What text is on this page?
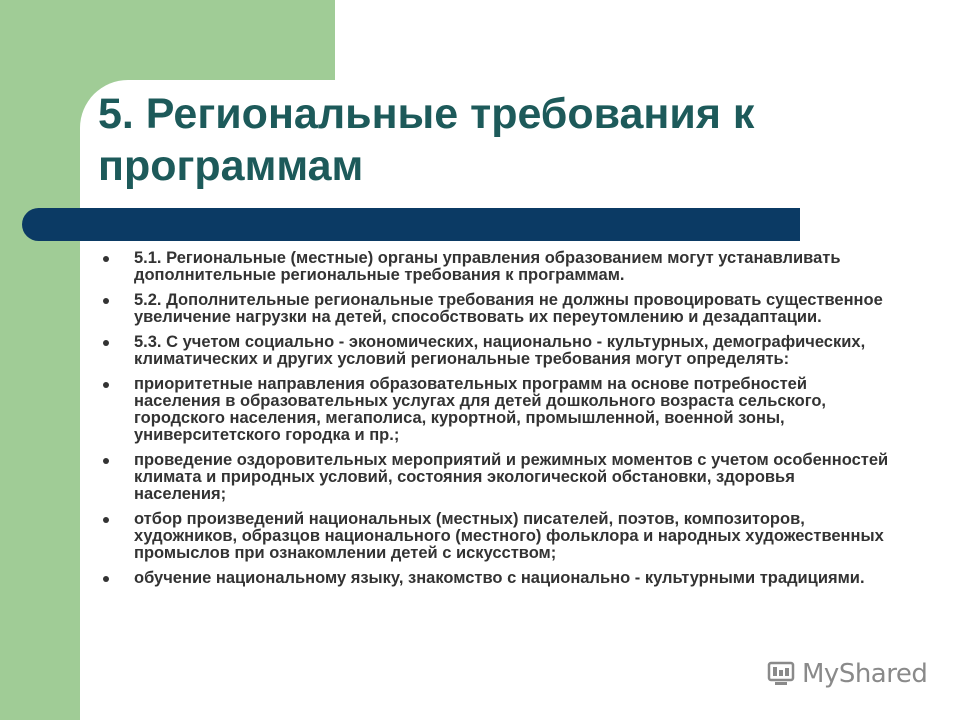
5. Региональные требования к программам
5.1. Региональные (местные) органы управления образованием могут устанавливать дополнительные региональные требования к программам.
5.2. Дополнительные региональные требования не должны провоцировать существенное увеличение нагрузки на детей, способствовать их переутомлению и дезадаптации.
5.3. С учетом социально - экономических, национально - культурных, демографических, климатических и других условий региональные требования могут определять:
приоритетные направления образовательных программ на основе потребностей населения в образовательных услугах для детей дошкольного возраста сельского, городского населения, мегаполиса, курортной, промышленной, военной зоны, университетского городка и пр.;
проведение оздоровительных мероприятий и режимных моментов с учетом особенностей климата и природных условий, состояния экологической обстановки, здоровья населения;
отбор произведений национальных (местных) писателей, поэтов, композиторов, художников, образцов национального (местного) фольклора и народных художественных промыслов при ознакомлении детей с искусством;
обучение национальному языку, знакомство с национально - культурными традициями.
MyShared
